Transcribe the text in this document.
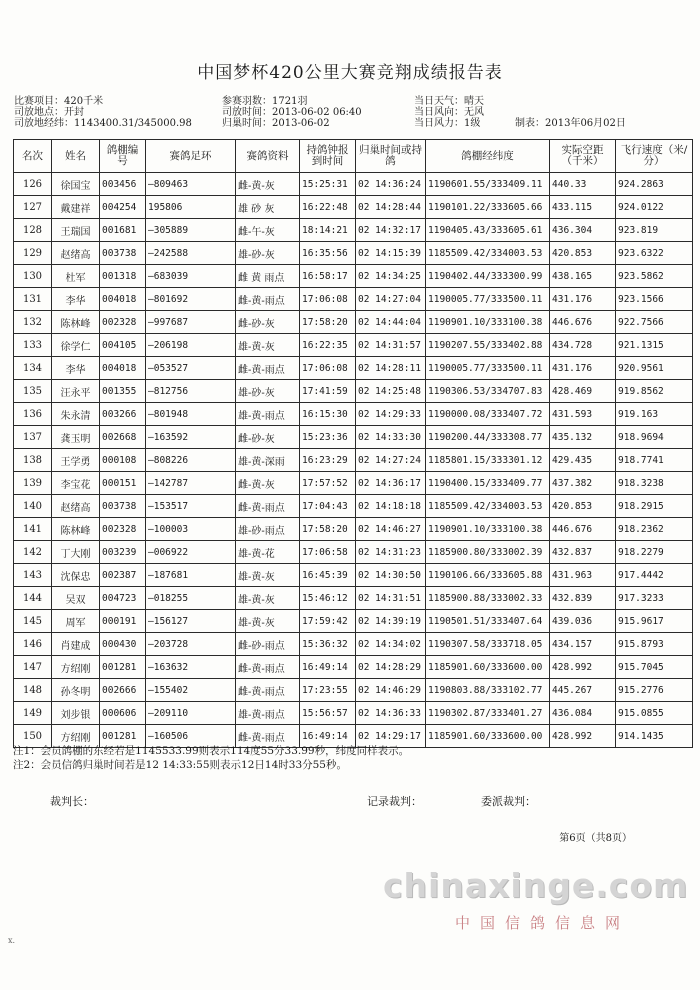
中国梦杯420公里大赛竞翔成绩报告表
比赛项目：420千米
司放地点：开封
司放地经纬：1143400.31/345000.98
参赛羽数：1721羽
司放时间：2013-06-02 06:40
归巢时间：2013-06-02
当日天气：晴天
当日风向：无风
当日风力：1级	制表：2013年06月02日
名次	姓名	鸽棚编号	赛鸽足环	赛鸽资料	持鸽钟报到时间	归巢时间或持鸽	鸽棚经纬度	实际空距（千米）	飞行速度（米/分）
126	徐国宝	003456	—809463	雌-黄-灰	15:25:31	02 14:36:24	1190601.55/333409.11	440.33	924.2863
127	戴建祥	004254	195806	雄 砂 灰	16:22:48	02 14:28:44	1190101.22/333605.66	433.115	924.0122
128	王瑞国	001681	—305889	雌-午-灰	18:14:21	02 14:32:17	1190405.43/333605.61	436.304	923.819
129	赵绪高	003738	—242588	雄-砂-灰	16:35:56	02 14:15:39	1185509.42/334003.53	420.853	923.6322
130	杜军	001318	—683039	雌 黄 雨点	16:58:17	02 14:34:25	1190402.44/333300.99	438.165	923.5862
131	李华	004018	—801692	雌-黄-雨点	17:06:08	02 14:27:04	1190005.77/333500.11	431.176	923.1566
132	陈林峰	002328	—997687	雌-砂-灰	17:58:20	02 14:44:04	1190901.10/333100.38	446.676	922.7566
133	徐学仁	004105	—206198	雄-黄-灰	16:22:35	02 14:31:57	1190207.55/333402.88	434.728	921.1315
134	李华	004018	—053527	雌-黄-雨点	17:06:08	02 14:28:11	1190005.77/333500.11	431.176	920.9561
135	汪永平	001355	—812756	雄-砂-灰	17:41:59	02 14:25:48	1190306.53/334707.83	428.469	919.8562
136	朱永清	003266	—801948	雄-黄-雨点	16:15:30	02 14:29:33	1190000.08/333407.72	431.593	919.163
137	龚玉明	002668	—163592	雌-砂-灰	15:23:36	02 14:33:30	1190200.44/333308.77	435.132	918.9694
138	王学勇	000108	—808226	雄-黄-深雨	16:23:29	02 14:27:24	1185801.15/333301.12	429.435	918.7741
139	李宝花	000151	—142787	雌-黄-灰	17:57:52	02 14:36:17	1190400.15/333409.77	437.382	918.3238
140	赵绪高	003738	—153517	雌-黄-雨点	17:04:43	02 14:18:18	1185509.42/334003.53	420.853	918.2915
141	陈林峰	002328	—100003	雄-砂-雨点	17:58:20	02 14:46:27	1190901.10/333100.38	446.676	918.2362
142	丁大刚	003239	—006922	雄-黄-花	17:06:58	02 14:31:23	1185900.80/333002.39	432.837	918.2279
143	沈保忠	002387	—187681	雄-黄-灰	16:45:39	02 14:30:50	1190106.66/333605.88	431.963	917.4442
144	吴双	004723	—018255	雄-黄-灰	15:46:12	02 14:31:51	1185900.88/333002.33	432.839	917.3233
145	周军	000191	—156127	雄-黄-灰	17:59:42	02 14:39:19	1190501.51/333407.64	439.036	915.9617
146	肖建成	000430	—203728	雌-砂-雨点	15:36:32	02 14:34:02	1190307.58/333718.05	434.157	915.8793
147	方绍刚	001281	—163632	雌-黄-雨点	16:49:14	02 14:28:29	1185901.60/333600.00	428.992	915.7045
148	孙冬明	002666	—155402	雌-黄-雨点	17:23:55	02 14:46:29	1190803.88/333102.77	445.267	915.2776
149	刘步银	000606	—209110	雄-黄-雨点	15:56:57	02 14:36:33	1190302.87/333401.27	436.084	915.0855
150	方绍刚	001281	—160506	雌-黄-雨点	16:49:14	02 14:29:17	1185901.60/333600.00	428.992	914.1435
注1：会员鸽棚的东经若是1145533.99则表示114度55分33.99秒，纬度同样表示。
注2：会员信鸽归巢时间若是12 14:33:55则表示12日14时33分55秒。
裁判长：	记录裁判：	委派裁判：
第6页（共8页）
chinaxinge.com
中国信鸽信息网
x.
